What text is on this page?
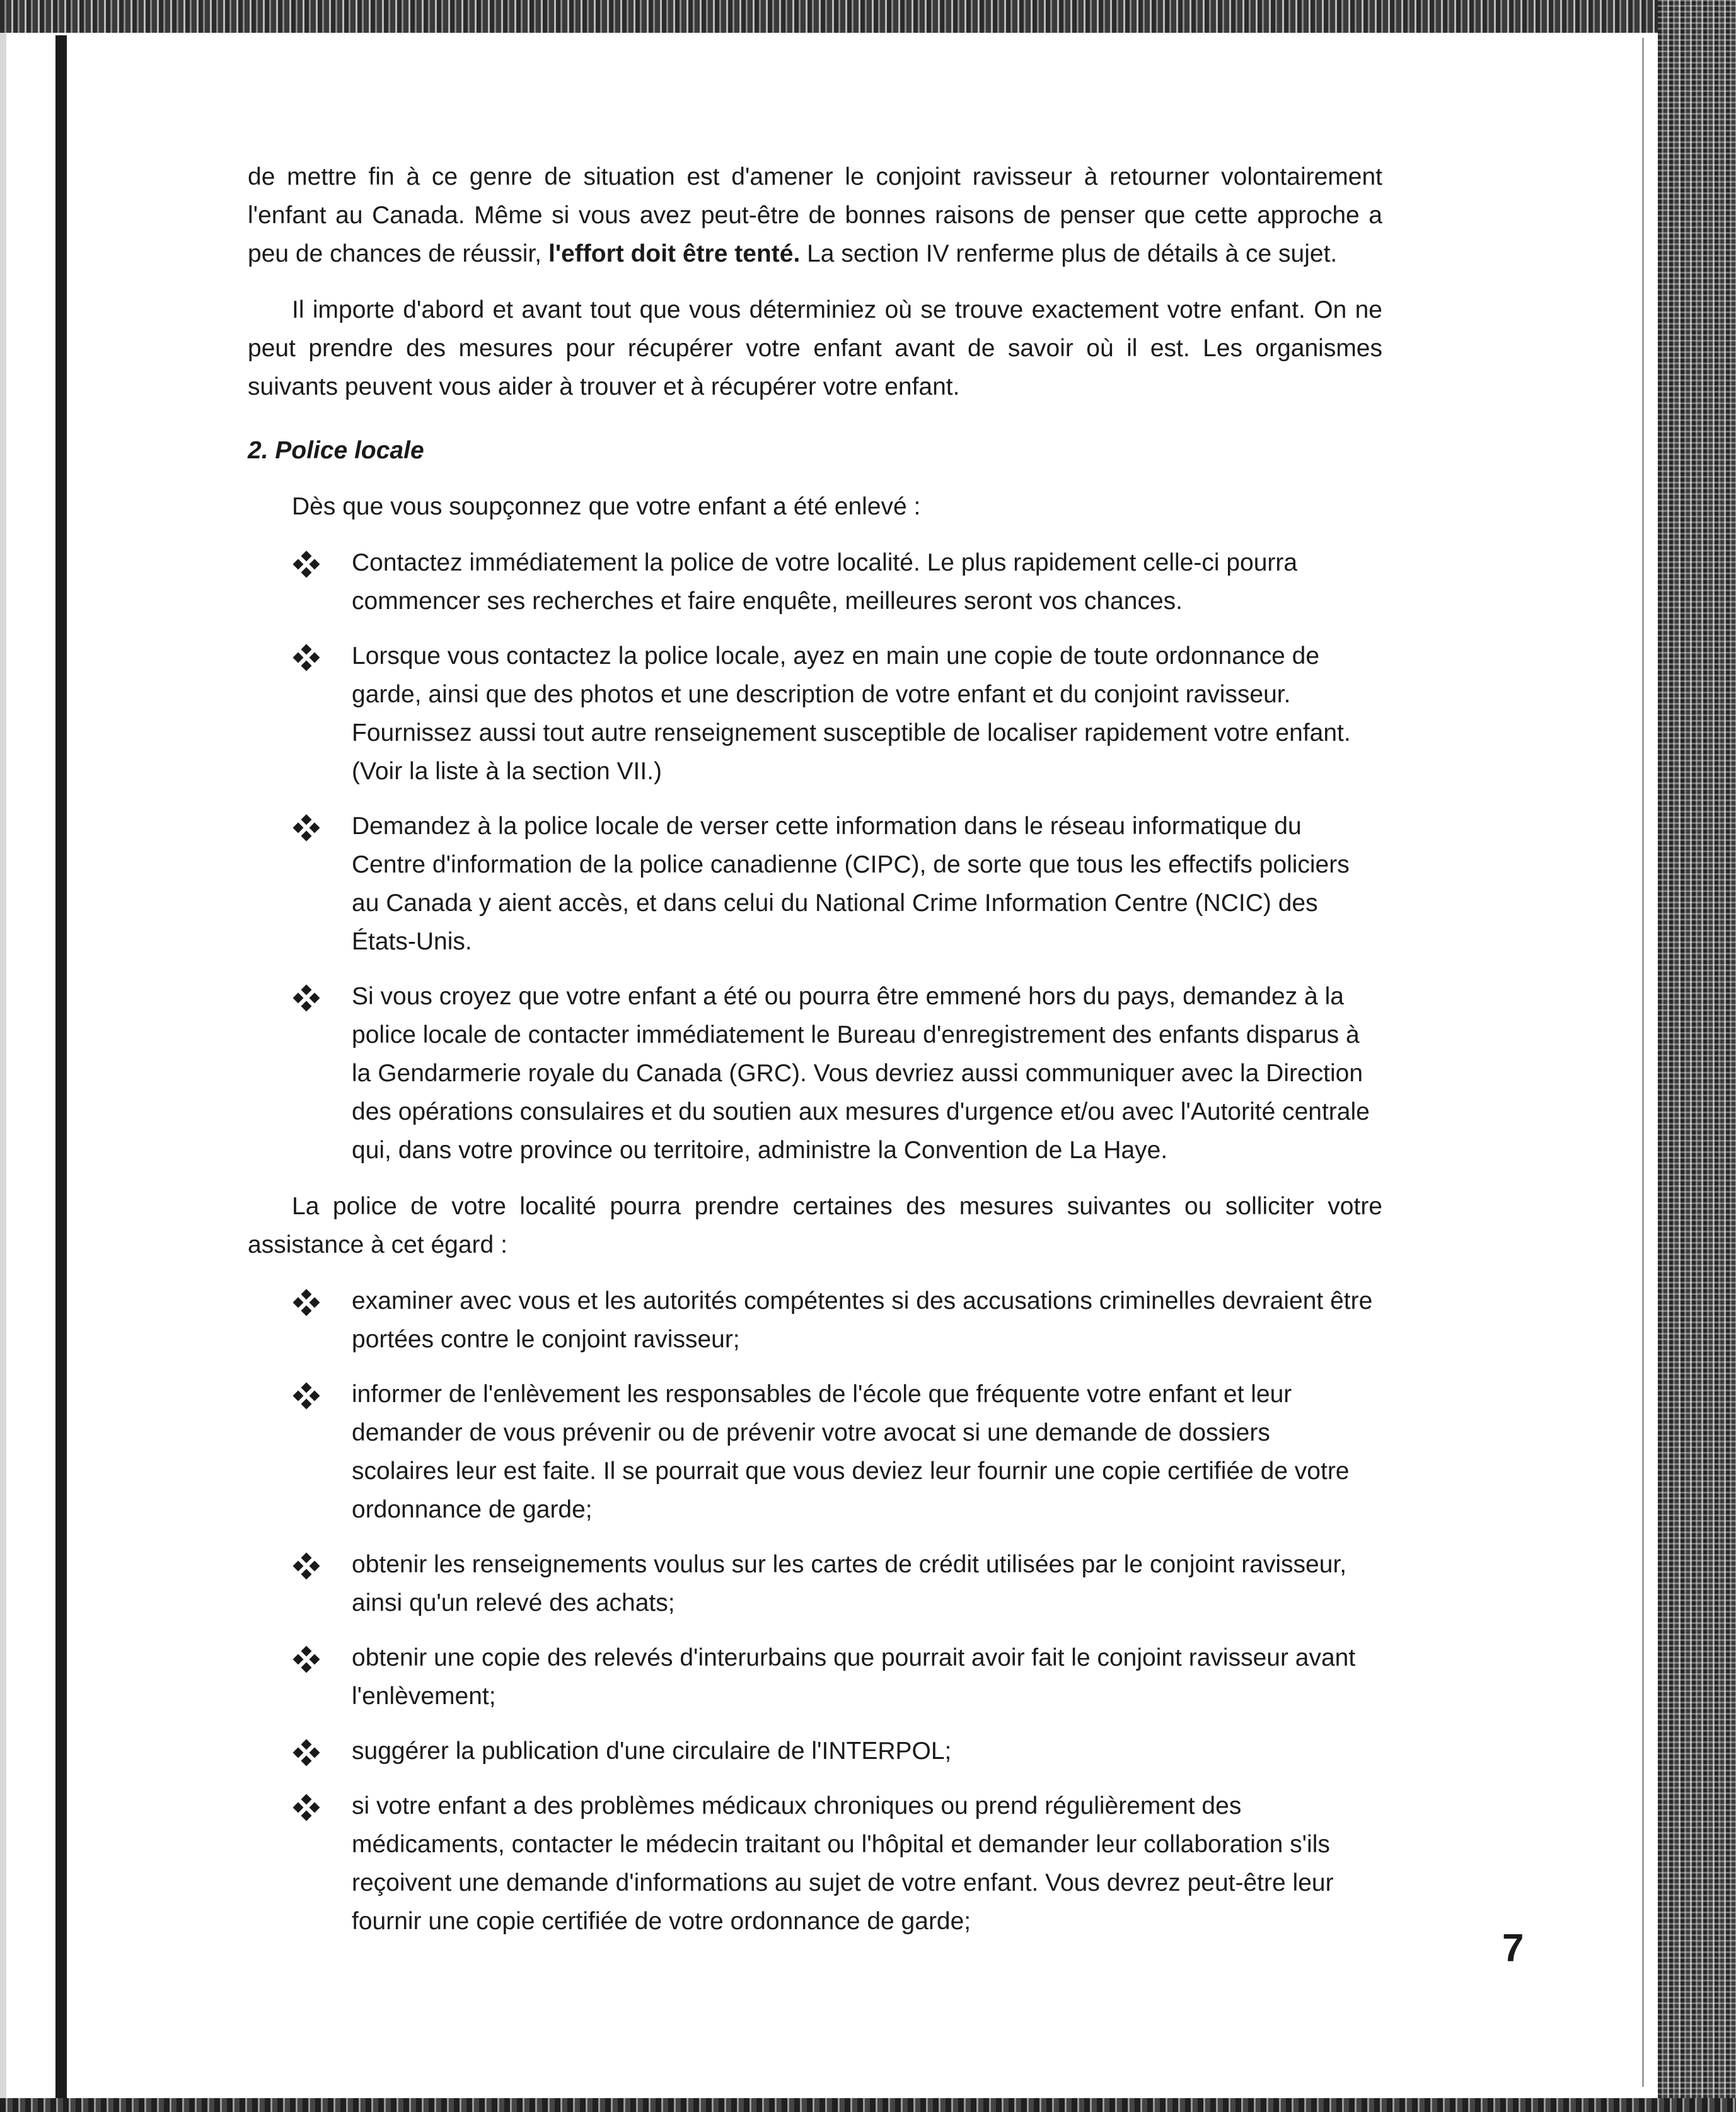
de mettre fin à ce genre de situation est d'amener le conjoint ravisseur à retourner volontairement l'enfant au Canada. Même si vous avez peut-être de bonnes raisons de penser que cette approche a peu de chances de réussir, l'effort doit être tenté. La section IV renferme plus de détails à ce sujet.

Il importe d'abord et avant tout que vous déterminiez où se trouve exactement votre enfant. On ne peut prendre des mesures pour récupérer votre enfant avant de savoir où il est. Les organismes suivants peuvent vous aider à trouver et à récupérer votre enfant.

2. Police locale

Dès que vous soupçonnez que votre enfant a été enlevé :

Contactez immédiatement la police de votre localité. Le plus rapidement celle-ci pourra commencer ses recherches et faire enquête, meilleures seront vos chances.
Lorsque vous contactez la police locale, ayez en main une copie de toute ordonnance de garde, ainsi que des photos et une description de votre enfant et du conjoint ravisseur. Fournissez aussi tout autre renseignement susceptible de localiser rapidement votre enfant. (Voir la liste à la section VII.)
Demandez à la police locale de verser cette information dans le réseau informatique du Centre d'information de la police canadienne (CIPC), de sorte que tous les effectifs policiers au Canada y aient accès, et dans celui du National Crime Information Centre (NCIC) des États-Unis.
Si vous croyez que votre enfant a été ou pourra être emmené hors du pays, demandez à la police locale de contacter immédiatement le Bureau d'enregistrement des enfants disparus à la Gendarmerie royale du Canada (GRC). Vous devriez aussi communiquer avec la Direction des opérations consulaires et du soutien aux mesures d'urgence et/ou avec l'Autorité centrale qui, dans votre province ou territoire, administre la Convention de La Haye.

La police de votre localité pourra prendre certaines des mesures suivantes ou solliciter votre assistance à cet égard :

examiner avec vous et les autorités compétentes si des accusations criminelles devraient être portées contre le conjoint ravisseur;
informer de l'enlèvement les responsables de l'école que fréquente votre enfant et leur demander de vous prévenir ou de prévenir votre avocat si une demande de dossiers scolaires leur est faite. Il se pourrait que vous deviez leur fournir une copie certifiée de votre ordonnance de garde;
obtenir les renseignements voulus sur les cartes de crédit utilisées par le conjoint ravisseur, ainsi qu'un relevé des achats;
obtenir une copie des relevés d'interurbains que pourrait avoir fait le conjoint ravisseur avant l'enlèvement;
suggérer la publication d'une circulaire de l'INTERPOL;
si votre enfant a des problèmes médicaux chroniques ou prend régulièrement des médicaments, contacter le médecin traitant ou l'hôpital et demander leur collaboration s'ils reçoivent une demande d'informations au sujet de votre enfant. Vous devrez peut-être leur fournir une copie certifiée de votre ordonnance de garde;
7
